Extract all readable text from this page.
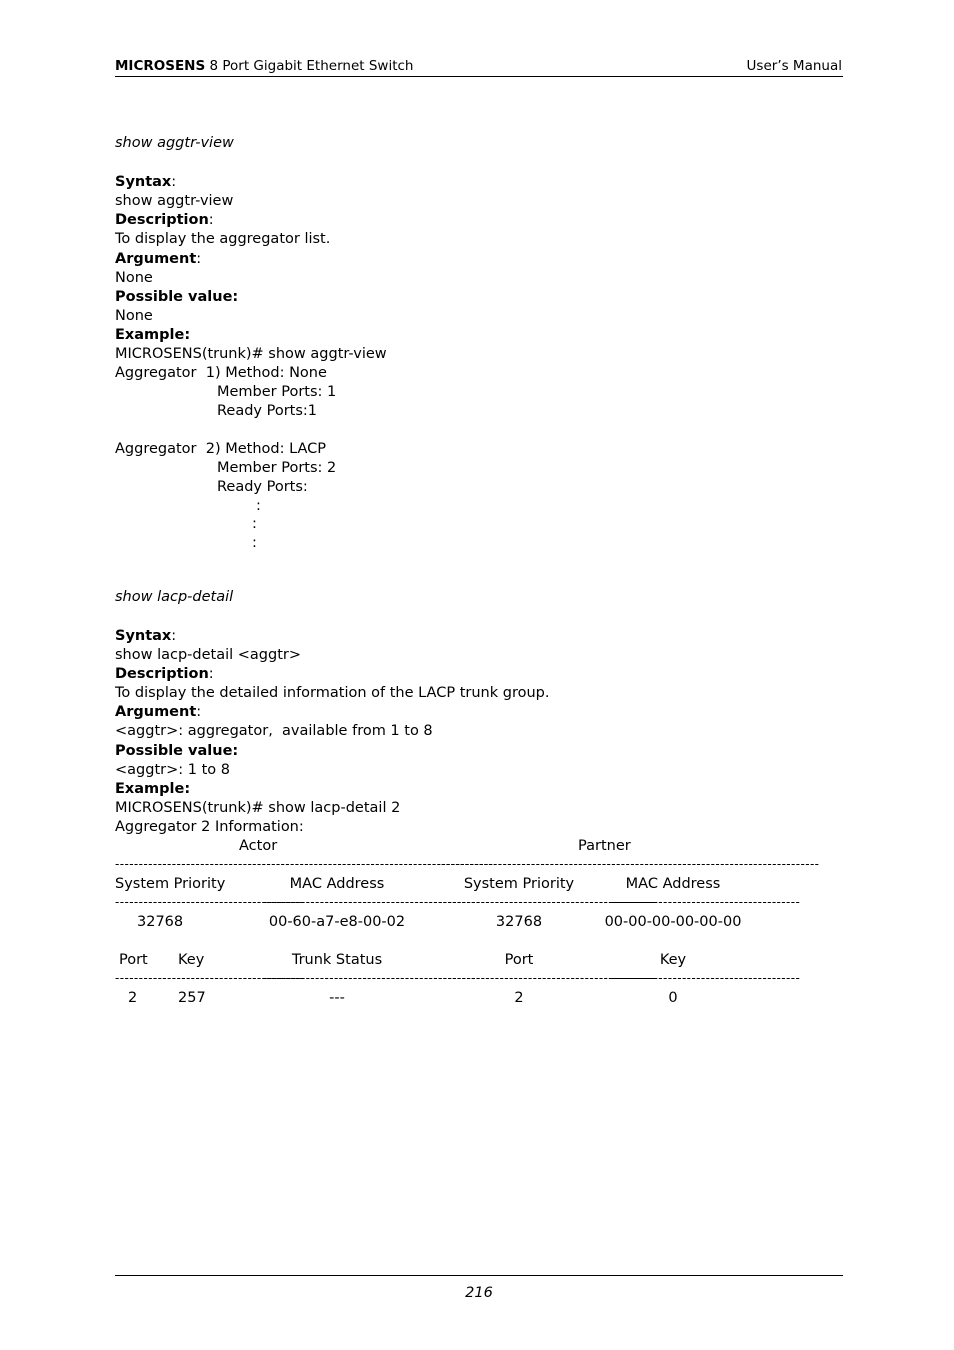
MICROSENS 8 Port Gigabit Ethernet Switch	User’s Manual
show aggtr-view
Syntax:
show aggtr-view
Description:
To display the aggregator list.
Argument:
None
Possible value:
None
Example:
MICROSENS(trunk)# show aggtr-view
Aggregator  1) Method: None
Member Ports: 1
Ready Ports:1
Aggregator  2) Method: LACP
Member Ports: 2
Ready Ports:
:
:
:
show lacp-detail
Syntax:
show lacp-detail <aggtr>
Description:
To display the detailed information of the LACP trunk group.
Argument:
<aggtr>: aggregator,  available from 1 to 8
Possible value:
<aggtr>: 1 to 8
Example:
MICROSENS(trunk)# show lacp-detail 2
Aggregator 2 Information:
Actor	Partner
--------------------------------------------------------------------------------
--------------------------------------------------------------------------------
System Priority	MAC Address	System Priority	MAC Address
----------------------------------------
----------------------------------------------
----------------------------------------------
----------------------------------------
32768	00-60-a7-e8-00-02	32768	00-00-00-00-00-00
Port Key	Trunk Status	Port	Key
----------------------------------------
----------------------------------------------
----------------------------------------------
----------------------------------------
2	257	---	2	0
216
